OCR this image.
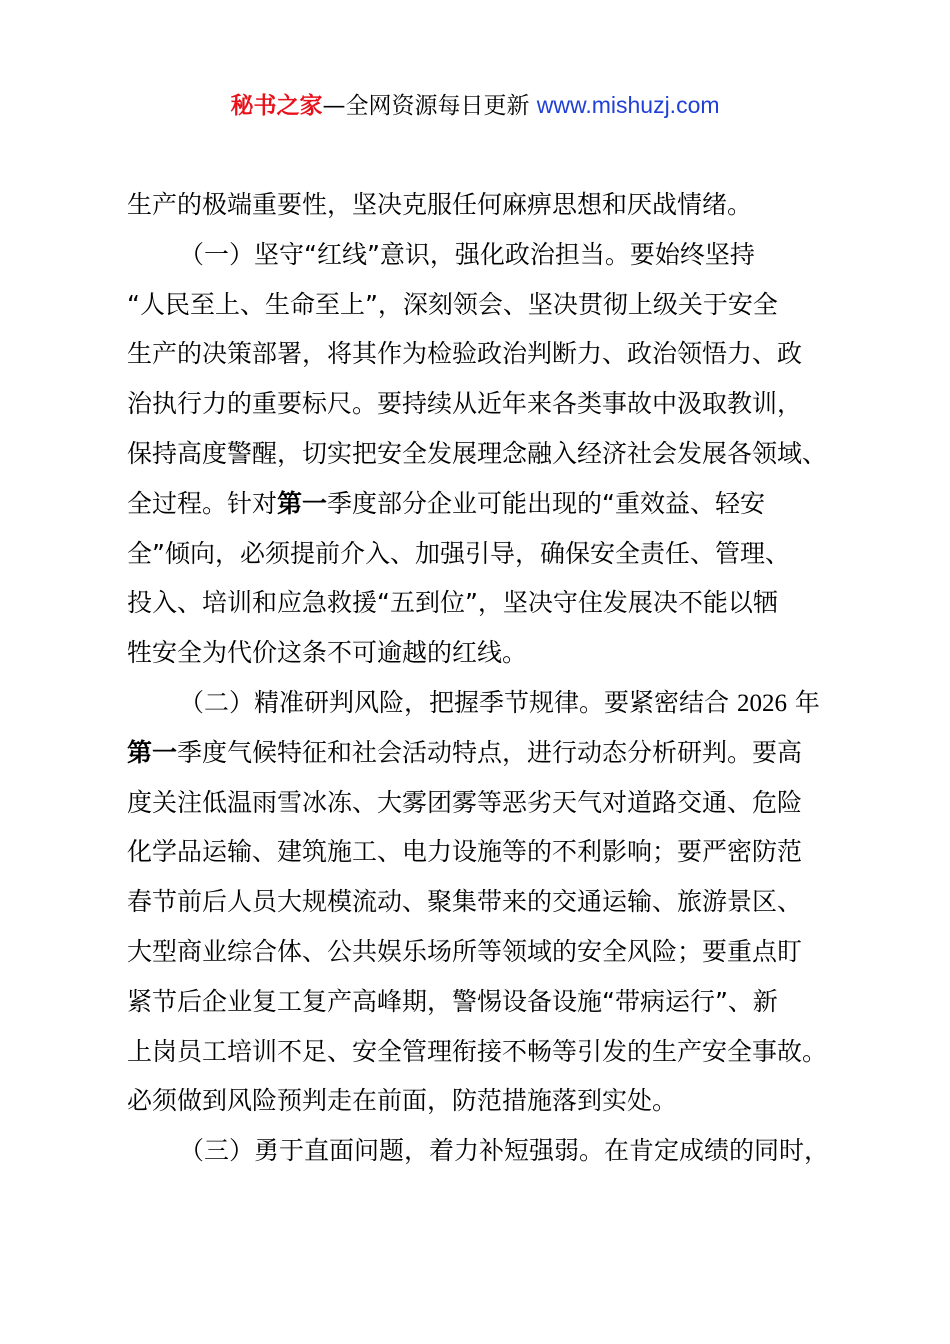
秘书之家—全网资源每日更新 www.mishuzj.com
生产的极端重要性，坚决克服任何麻痹思想和厌战情绪。
（一）坚守“红线”意识，强化政治担当。要始终坚持
“人民至上、生命至上”，深刻领会、坚决贯彻上级关于安全
生产的决策部署，将其作为检验政治判断力、政治领悟力、政
治执行力的重要标尺。要持续从近年来各类事故中汲取教训，
保持高度警醒，切实把安全发展理念融入经济社会发展各领域、
全过程。针对第一季度部分企业可能出现的“重效益、轻安
全”倾向，必须提前介入、加强引导，确保安全责任、管理、
投入、培训和应急救援“五到位”，坚决守住发展决不能以牺
牲安全为代价这条不可逾越的红线。
（二）精准研判风险，把握季节规律。要紧密结合 2026 年
第一季度气候特征和社会活动特点，进行动态分析研判。要高
度关注低温雨雪冰冻、大雾团雾等恶劣天气对道路交通、危险
化学品运输、建筑施工、电力设施等的不利影响；要严密防范
春节前后人员大规模流动、聚集带来的交通运输、旅游景区、
大型商业综合体、公共娱乐场所等领域的安全风险；要重点盯
紧节后企业复工复产高峰期，警惕设备设施“带病运行”、新
上岗员工培训不足、安全管理衔接不畅等引发的生产安全事故。
必须做到风险预判走在前面，防范措施落到实处。
（三）勇于直面问题，着力补短强弱。在肯定成绩的同时，
